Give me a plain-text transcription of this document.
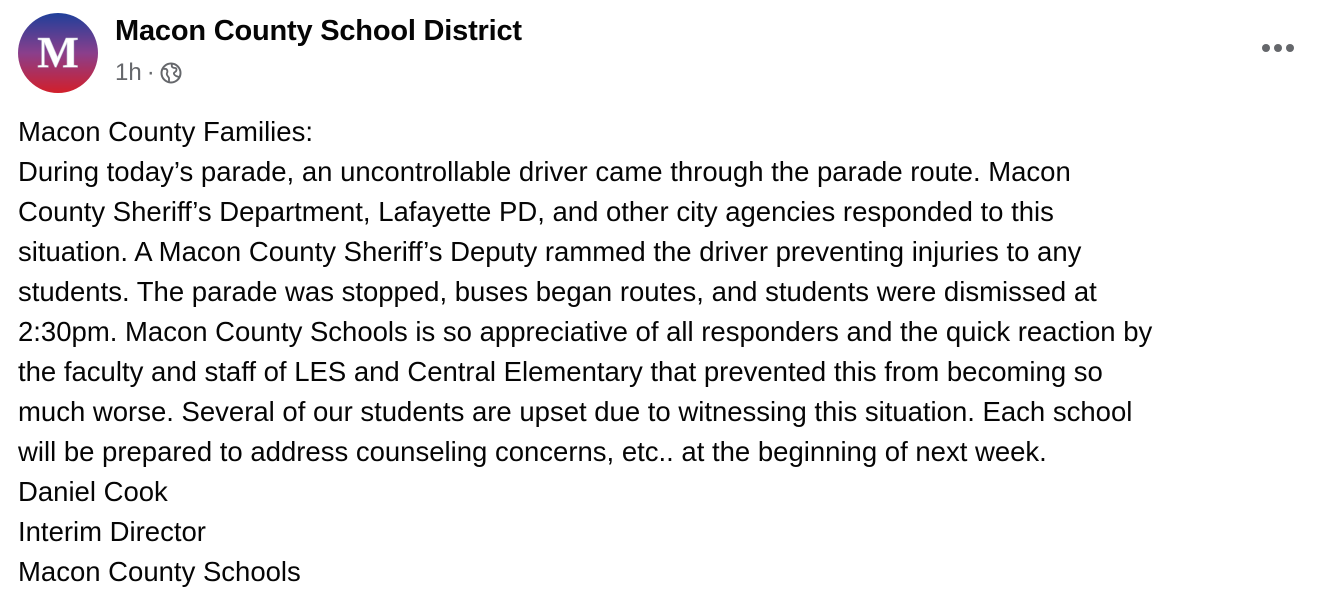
M Macon County School District
1h ·

Macon County Families:

During today’s parade, an uncontrollable driver came through the parade route. Macon

County Sheriff’s Department, Lafayette PD, and other city agencies responded to this

situation. A Macon County Sheriff’s Deputy rammed the driver preventing injuries to any

students. The parade was stopped, buses began routes, and students were dismissed at

2:30pm. Macon County Schools is so appreciative of all responders and the quick reaction by

the faculty and staff of LES and Central Elementary that prevented this from becoming so

much worse. Several of our students are upset due to witnessing this situation. Each school

will be prepared to address counseling concerns, etc.. at the beginning of next week.

Daniel Cook

Interim Director

Macon County Schools
